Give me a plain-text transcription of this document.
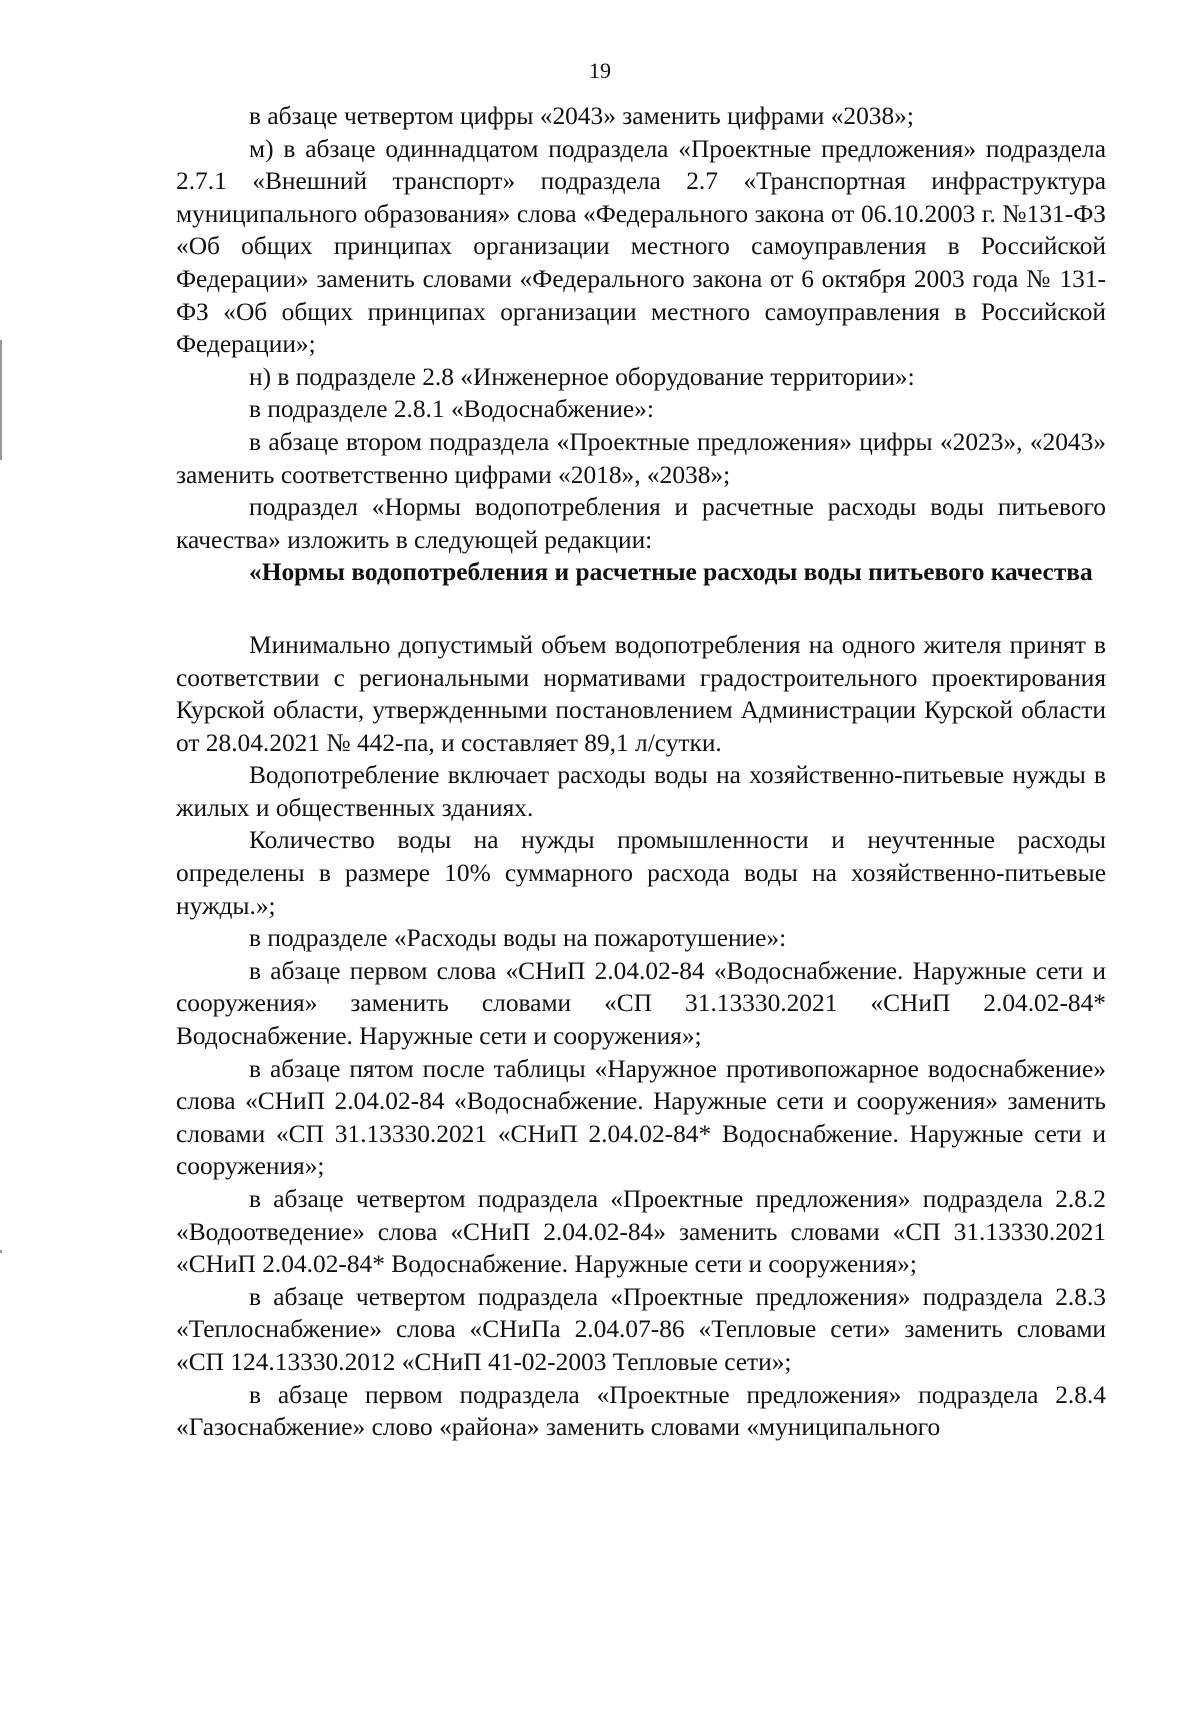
19

в абзаце четвертом цифры «2043» заменить цифрами «2038»;

м) в абзаце одиннадцатом подраздела «Проектные предложения» подраздела 2.7.1 «Внешний транспорт» подраздела 2.7 «Транспортная инфраструктура муниципального образования» слова «Федерального закона от 06.10.2003 г. №131-ФЗ «Об общих принципах организации местного самоуправления в Российской Федерации» заменить словами «Федерального закона от 6 октября 2003 года № 131-ФЗ «Об общих принципах организации местного самоуправления в Российской Федерации»;

н) в подразделе 2.8 «Инженерное оборудование территории»:

в подразделе 2.8.1 «Водоснабжение»:

в абзаце втором подраздела «Проектные предложения» цифры «2023», «2043» заменить соответственно цифрами «2018», «2038»;

подраздел «Нормы водопотребления и расчетные расходы воды питьевого качества» изложить в следующей редакции:

«Нормы водопотребления и расчетные расходы воды питьевого качества

Минимально допустимый объем водопотребления на одного жителя принят в соответствии с региональными нормативами градостроительного проектирования Курской области, утвержденными постановлением Администрации Курской области от 28.04.2021 № 442-па, и составляет 89,1 л/сутки.

Водопотребление включает расходы воды на хозяйственно-питьевые нужды в жилых и общественных зданиях.

Количество воды на нужды промышленности и неучтенные расходы определены в размере 10% суммарного расхода воды на хозяйственно-питьевые нужды.»;

в подразделе «Расходы воды на пожаротушение»:

в абзаце первом слова «СНиП 2.04.02-84 «Водоснабжение. Наружные сети и сооружения» заменить словами «СП 31.13330.2021 «СНиП 2.04.02-84* Водоснабжение. Наружные сети и сооружения»;

в абзаце пятом после таблицы «Наружное противопожарное водоснабжение» слова «СНиП 2.04.02-84 «Водоснабжение. Наружные сети и сооружения» заменить словами «СП 31.13330.2021 «СНиП 2.04.02-84* Водоснабжение. Наружные сети и сооружения»;

в абзаце четвертом подраздела «Проектные предложения» подраздела 2.8.2 «Водоотведение» слова «СНиП 2.04.02-84» заменить словами «СП 31.13330.2021 «СНиП 2.04.02-84* Водоснабжение. Наружные сети и сооружения»;

в абзаце четвертом подраздела «Проектные предложения» подраздела 2.8.3 «Теплоснабжение» слова «СНиПа 2.04.07-86 «Тепловые сети» заменить словами «СП 124.13330.2012 «СНиП 41-02-2003 Тепловые сети»;

в абзаце первом подраздела «Проектные предложения» подраздела 2.8.4 «Газоснабжение» слово «района» заменить словами «муниципального
